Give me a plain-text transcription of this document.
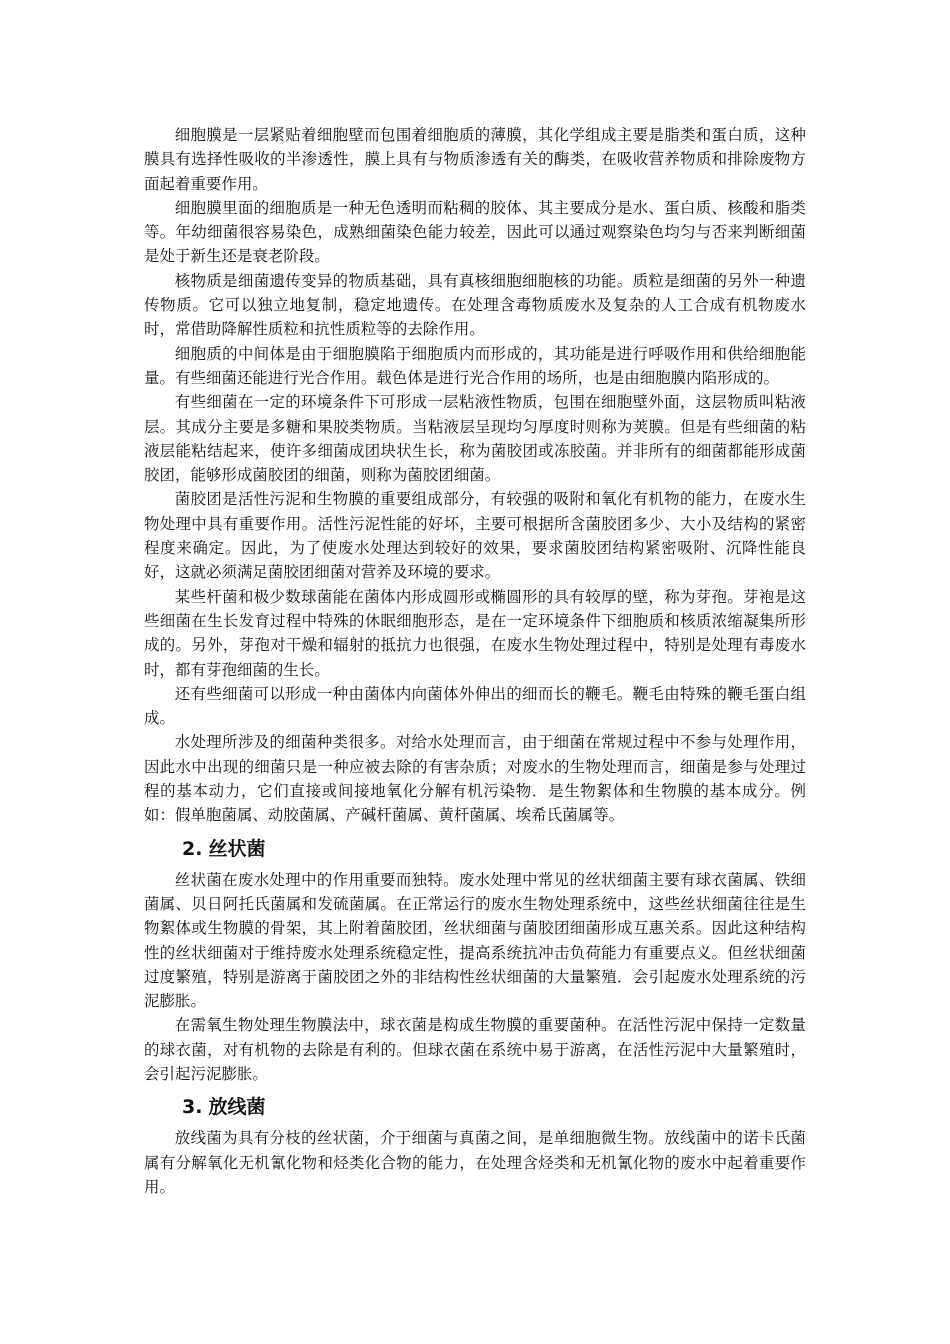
细胞膜是一层紧贴着细胞壁而包围着细胞质的薄膜，其化学组成主要是脂类和蛋白质，这种膜具有选择性吸收的半渗透性，膜上具有与物质渗透有关的酶类，在吸收营养物质和排除废物方面起着重要作用。

细胞膜里面的细胞质是一种无色透明而粘稠的胶体、其主要成分是水、蛋白质、核酸和脂类等。年幼细菌很容易染色，成熟细菌染色能力较差，因此可以通过观察染色均匀与否来判断细菌是处于新生还是衰老阶段。

核物质是细菌遗传变异的物质基础，具有真核细胞细胞核的功能。质粒是细菌的另外一种遗传物质。它可以独立地复制，稳定地遗传。在处理含毒物质废水及复杂的人工合成有机物废水时，常借助降解性质粒和抗性质粒等的去除作用。

细胞质的中间体是由于细胞膜陷于细胞质内而形成的，其功能是进行呼吸作用和供给细胞能量。有些细菌还能进行光合作用。载色体是进行光合作用的场所，也是由细胞膜内陷形成的。

有些细菌在一定的环境条件下可形成一层粘液性物质，包围在细胞壁外面，这层物质叫粘液层。其成分主要是多糖和果胶类物质。当粘液层呈现均匀厚度时则称为荚膜。但是有些细菌的粘液层能粘结起来，使许多细菌成团块状生长，称为菌胶团或冻胶菌。并非所有的细菌都能形成菌胶团，能够形成菌胶团的细菌，则称为菌胶团细菌。

菌胶团是活性污泥和生物膜的重要组成部分，有较强的吸附和氧化有机物的能力，在废水生物处理中具有重要作用。活性污泥性能的好坏，主要可根据所含菌胶团多少、大小及结构的紧密程度来确定。因此，为了使废水处理达到较好的效果，要求菌胶团结构紧密吸附、沉降性能良好，这就必须满足菌胶团细菌对营养及环境的要求。

某些杆菌和极少数球菌能在菌体内形成圆形或椭圆形的具有较厚的壁，称为芽孢。芽袍是这些细菌在生长发育过程中特殊的休眠细胞形态，是在一定环境条件下细胞质和核质浓缩凝集所形成的。另外，芽孢对干燥和辐射的抵抗力也很强，在废水生物处理过程中，特别是处理有毒废水时，都有芽孢细菌的生长。

还有些细菌可以形成一种由菌体内向菌体外伸出的细而长的鞭毛。鞭毛由特殊的鞭毛蛋白组成。

水处理所涉及的细菌种类很多。对给水处理而言，由于细菌在常规过程中不参与处理作用，因此水中出现的细菌只是一种应被去除的有害杂质；对废水的生物处理而言，细菌是参与处理过程的基本动力，它们直接或间接地氧化分解有机污染物．是生物絮体和生物膜的基本成分。例如：假单胞菌属、动胶菌属、产碱杆菌属、黄杆菌属、埃希氏菌属等。

2. 丝状菌

丝状菌在废水处理中的作用重要而独特。废水处理中常见的丝状细菌主要有球衣菌属、铁细菌属、贝日阿托氏菌属和发硫菌属。在正常运行的废水生物处理系统中，这些丝状细菌往往是生物絮体或生物膜的骨架，其上附着菌胶团，丝状细菌与菌胶团细菌形成互惠关系。因此这种结构性的丝状细菌对于维持废水处理系统稳定性，提高系统抗冲击负荷能力有重要点义。但丝状细菌过度繁殖，特别是游离于菌胶团之外的非结构性丝状细菌的大量繁殖．会引起废水处理系统的污泥膨胀。

在需氧生物处理生物膜法中，球衣菌是构成生物膜的重要菌种。在活性污泥中保持一定数量的球衣菌，对有机物的去除是有利的。但球衣菌在系统中易于游离，在活性污泥中大量繁殖时，会引起污泥膨胀。

3. 放线菌

放线菌为具有分枝的丝状菌，介于细菌与真菌之间，是单细胞微生物。放线菌中的诺卡氏菌属有分解氧化无机氰化物和烃类化合物的能力，在处理含烃类和无机氰化物的废水中起着重要作用。
